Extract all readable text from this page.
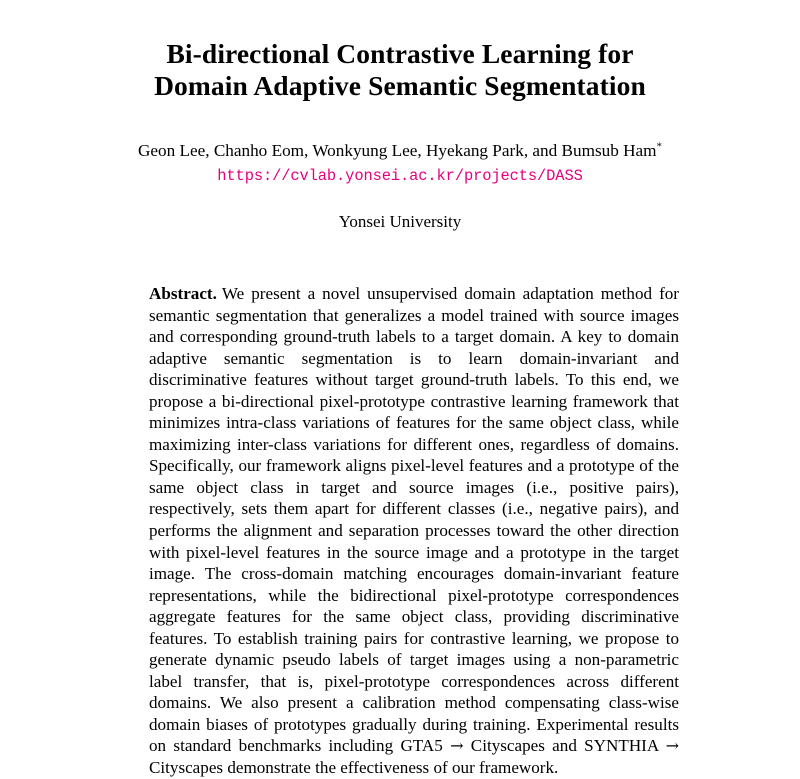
Bi-directional Contrastive Learning for
Domain Adaptive Semantic Segmentation
Geon Lee, Chanho Eom, Wonkyung Lee, Hyekang Park, and Bumsub Ham*
https://cvlab.yonsei.ac.kr/projects/DASS
Yonsei University
Abstract. We present a novel unsupervised domain adaptation method for semantic segmentation that generalizes a model trained with source images and corresponding ground-truth labels to a target domain. A key to domain adaptive semantic segmentation is to learn domain-invariant and discriminative features without target ground-truth labels. To this end, we propose a bi-directional pixel-prototype contrastive learning framework that minimizes intra-class variations of features for the same object class, while maximizing inter-class variations for different ones, regardless of domains. Specifically, our framework aligns pixel-level features and a prototype of the same object class in target and source images (i.e., positive pairs), respectively, sets them apart for different classes (i.e., negative pairs), and performs the alignment and separation processes toward the other direction with pixel-level features in the source image and a prototype in the target image. The cross-domain matching encourages domain-invariant feature representations, while the bidirectional pixel-prototype correspondences aggregate features for the same object class, providing discriminative features. To establish training pairs for contrastive learning, we propose to generate dynamic pseudo labels of target images using a non-parametric label transfer, that is, pixel-prototype correspondences across different domains. We also present a calibration method compensating class-wise domain biases of prototypes gradually during training. Experimental results on standard benchmarks including GTA5 → Cityscapes and SYNTHIA → Cityscapes demonstrate the effectiveness of our framework.
